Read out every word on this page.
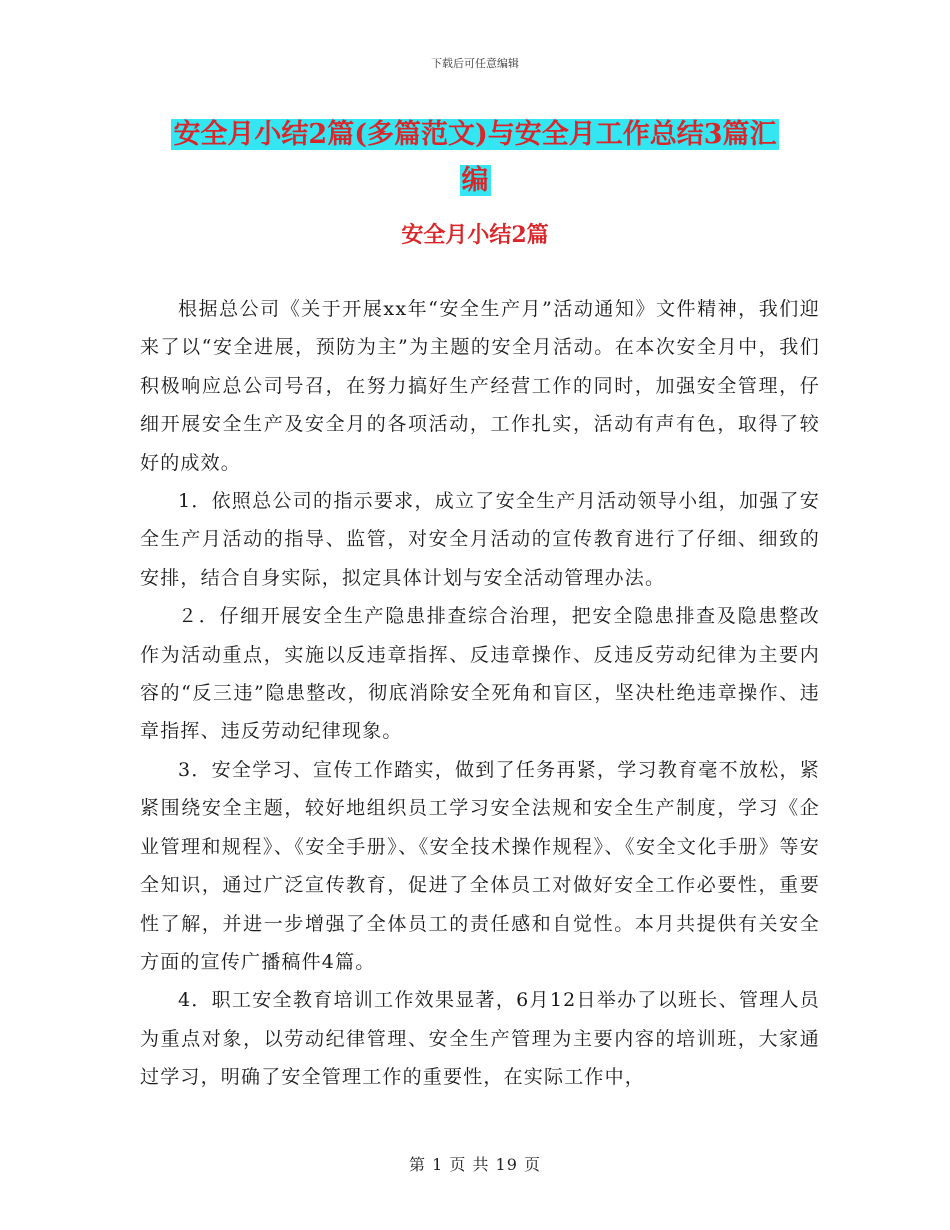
下载后可任意编辑
安全月小结2篇(多篇范文)与安全月工作总结3篇汇
编
安全月小结2篇

根据总公司《关于开展xx年“安全生产月”活动通知》文件精神，我们迎来了以“安全进展，预防为主”为主题的安全月活动。在本次安全月中，我们积极响应总公司号召，在努力搞好生产经营工作的同时，加强安全管理，仔细开展安全生产及安全月的各项活动，工作扎实，活动有声有色，取得了较好的成效。

1．依照总公司的指示要求，成立了安全生产月活动领导小组，加强了安全生产月活动的指导、监管，对安全月活动的宣传教育进行了仔细、细致的安排，结合自身实际，拟定具体计划与安全活动管理办法。

２．仔细开展安全生产隐患排查综合治理，把安全隐患排查及隐患整改作为活动重点，实施以反违章指挥、反违章操作、反违反劳动纪律为主要内容的“反三违”隐患整改，彻底消除安全死角和盲区，坚决杜绝违章操作、违章指挥、违反劳动纪律现象。

3．安全学习、宣传工作踏实，做到了任务再紧，学习教育毫不放松，紧紧围绕安全主题，较好地组织员工学习安全法规和安全生产制度，学习《企业管理和规程》、《安全手册》、《安全技术操作规程》、《安全文化手册》等安全知识，通过广泛宣传教育，促进了全体员工对做好安全工作必要性，重要性了解，并进一步增强了全体员工的责任感和自觉性。本月共提供有关安全方面的宣传广播稿件4篇。

4．职工安全教育培训工作效果显著，6月12日举办了以班长、管理人员为重点对象，以劳动纪律管理、安全生产管理为主要内容的培训班，大家通过学习，明确了安全管理工作的重要性，在实际工作中，

第 1 页 共 19 页
